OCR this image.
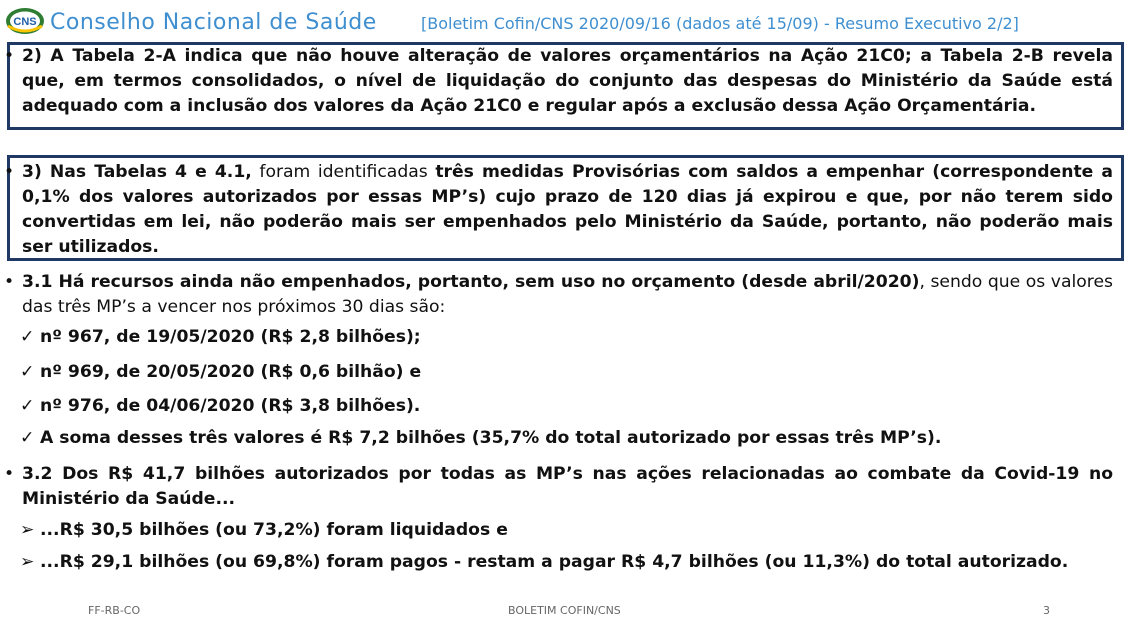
CNS Conselho Nacional de Saúde	[Boletim Cofin/CNS 2020/09/16 (dados até 15/09) - Resumo Executivo 2/2]
• 2) A Tabela 2-A indica que não houve alteração de valores orçamentários na Ação 21C0; a Tabela 2-B revela que, em termos consolidados, o nível de liquidação do conjunto das despesas do Ministério da Saúde está adequado com a inclusão dos valores da Ação 21C0 e regular após a exclusão dessa Ação Orçamentária.
• 3) Nas Tabelas 4 e 4.1, foram identificadas três medidas Provisórias com saldos a empenhar (correspondente a 0,1% dos valores autorizados por essas MP’s) cujo prazo de 120 dias já expirou e que, por não terem sido convertidas em lei, não poderão mais ser empenhados pelo Ministério da Saúde, portanto, não poderão mais ser utilizados.
• 3.1 Há recursos ainda não empenhados, portanto, sem uso no orçamento (desde abril/2020), sendo que os valores das três MP’s a vencer nos próximos 30 dias são:
✓ nº 967, de 19/05/2020 (R$ 2,8 bilhões);
✓ nº 969, de 20/05/2020 (R$ 0,6 bilhão) e
✓ nº 976, de 04/06/2020 (R$ 3,8 bilhões).
✓ A soma desses três valores é R$ 7,2 bilhões (35,7% do total autorizado por essas três MP’s).
• 3.2 Dos R$ 41,7 bilhões autorizados por todas as MP’s nas ações relacionadas ao combate da Covid-19 no Ministério da Saúde...
➢ ...R$ 30,5 bilhões (ou 73,2%) foram liquidados e
➢ ...R$ 29,1 bilhões (ou 69,8%) foram pagos - restam a pagar R$ 4,7 bilhões (ou 11,3%) do total autorizado.
FF-RB-CO	BOLETIM COFIN/CNS	3
